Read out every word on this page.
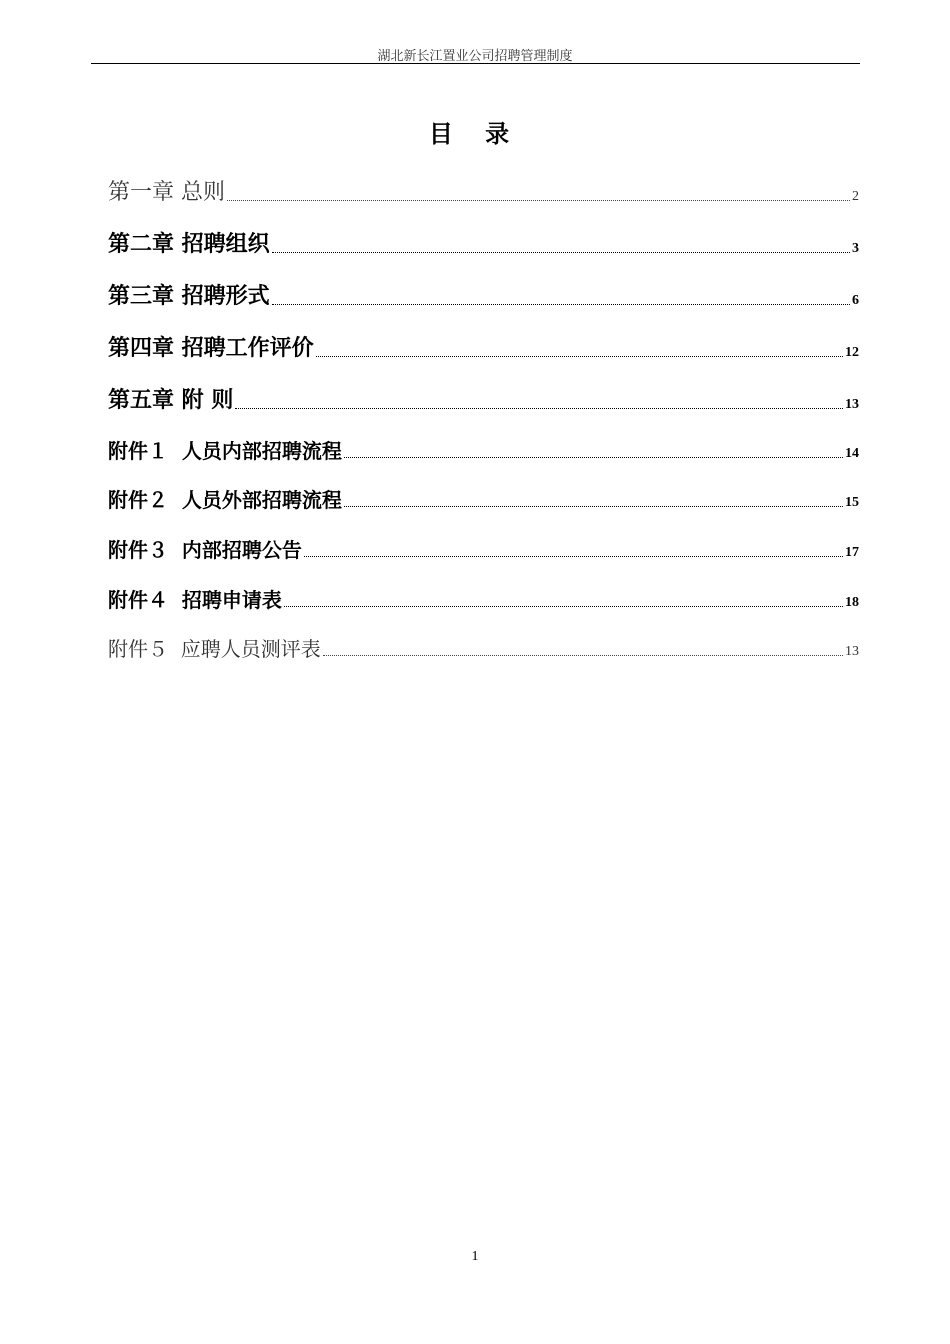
湖北新长江置业公司招聘管理制度
目 录
第一章 总则	2
第二章 招聘组织	3
第三章 招聘形式	6
第四章 招聘工作评价	12
第五章 附 则	13
附件１  人员内部招聘流程	14
附件２  人员外部招聘流程	15
附件３  内部招聘公告	17
附件４  招聘申请表	18
附件５  应聘人员测评表	13
1
